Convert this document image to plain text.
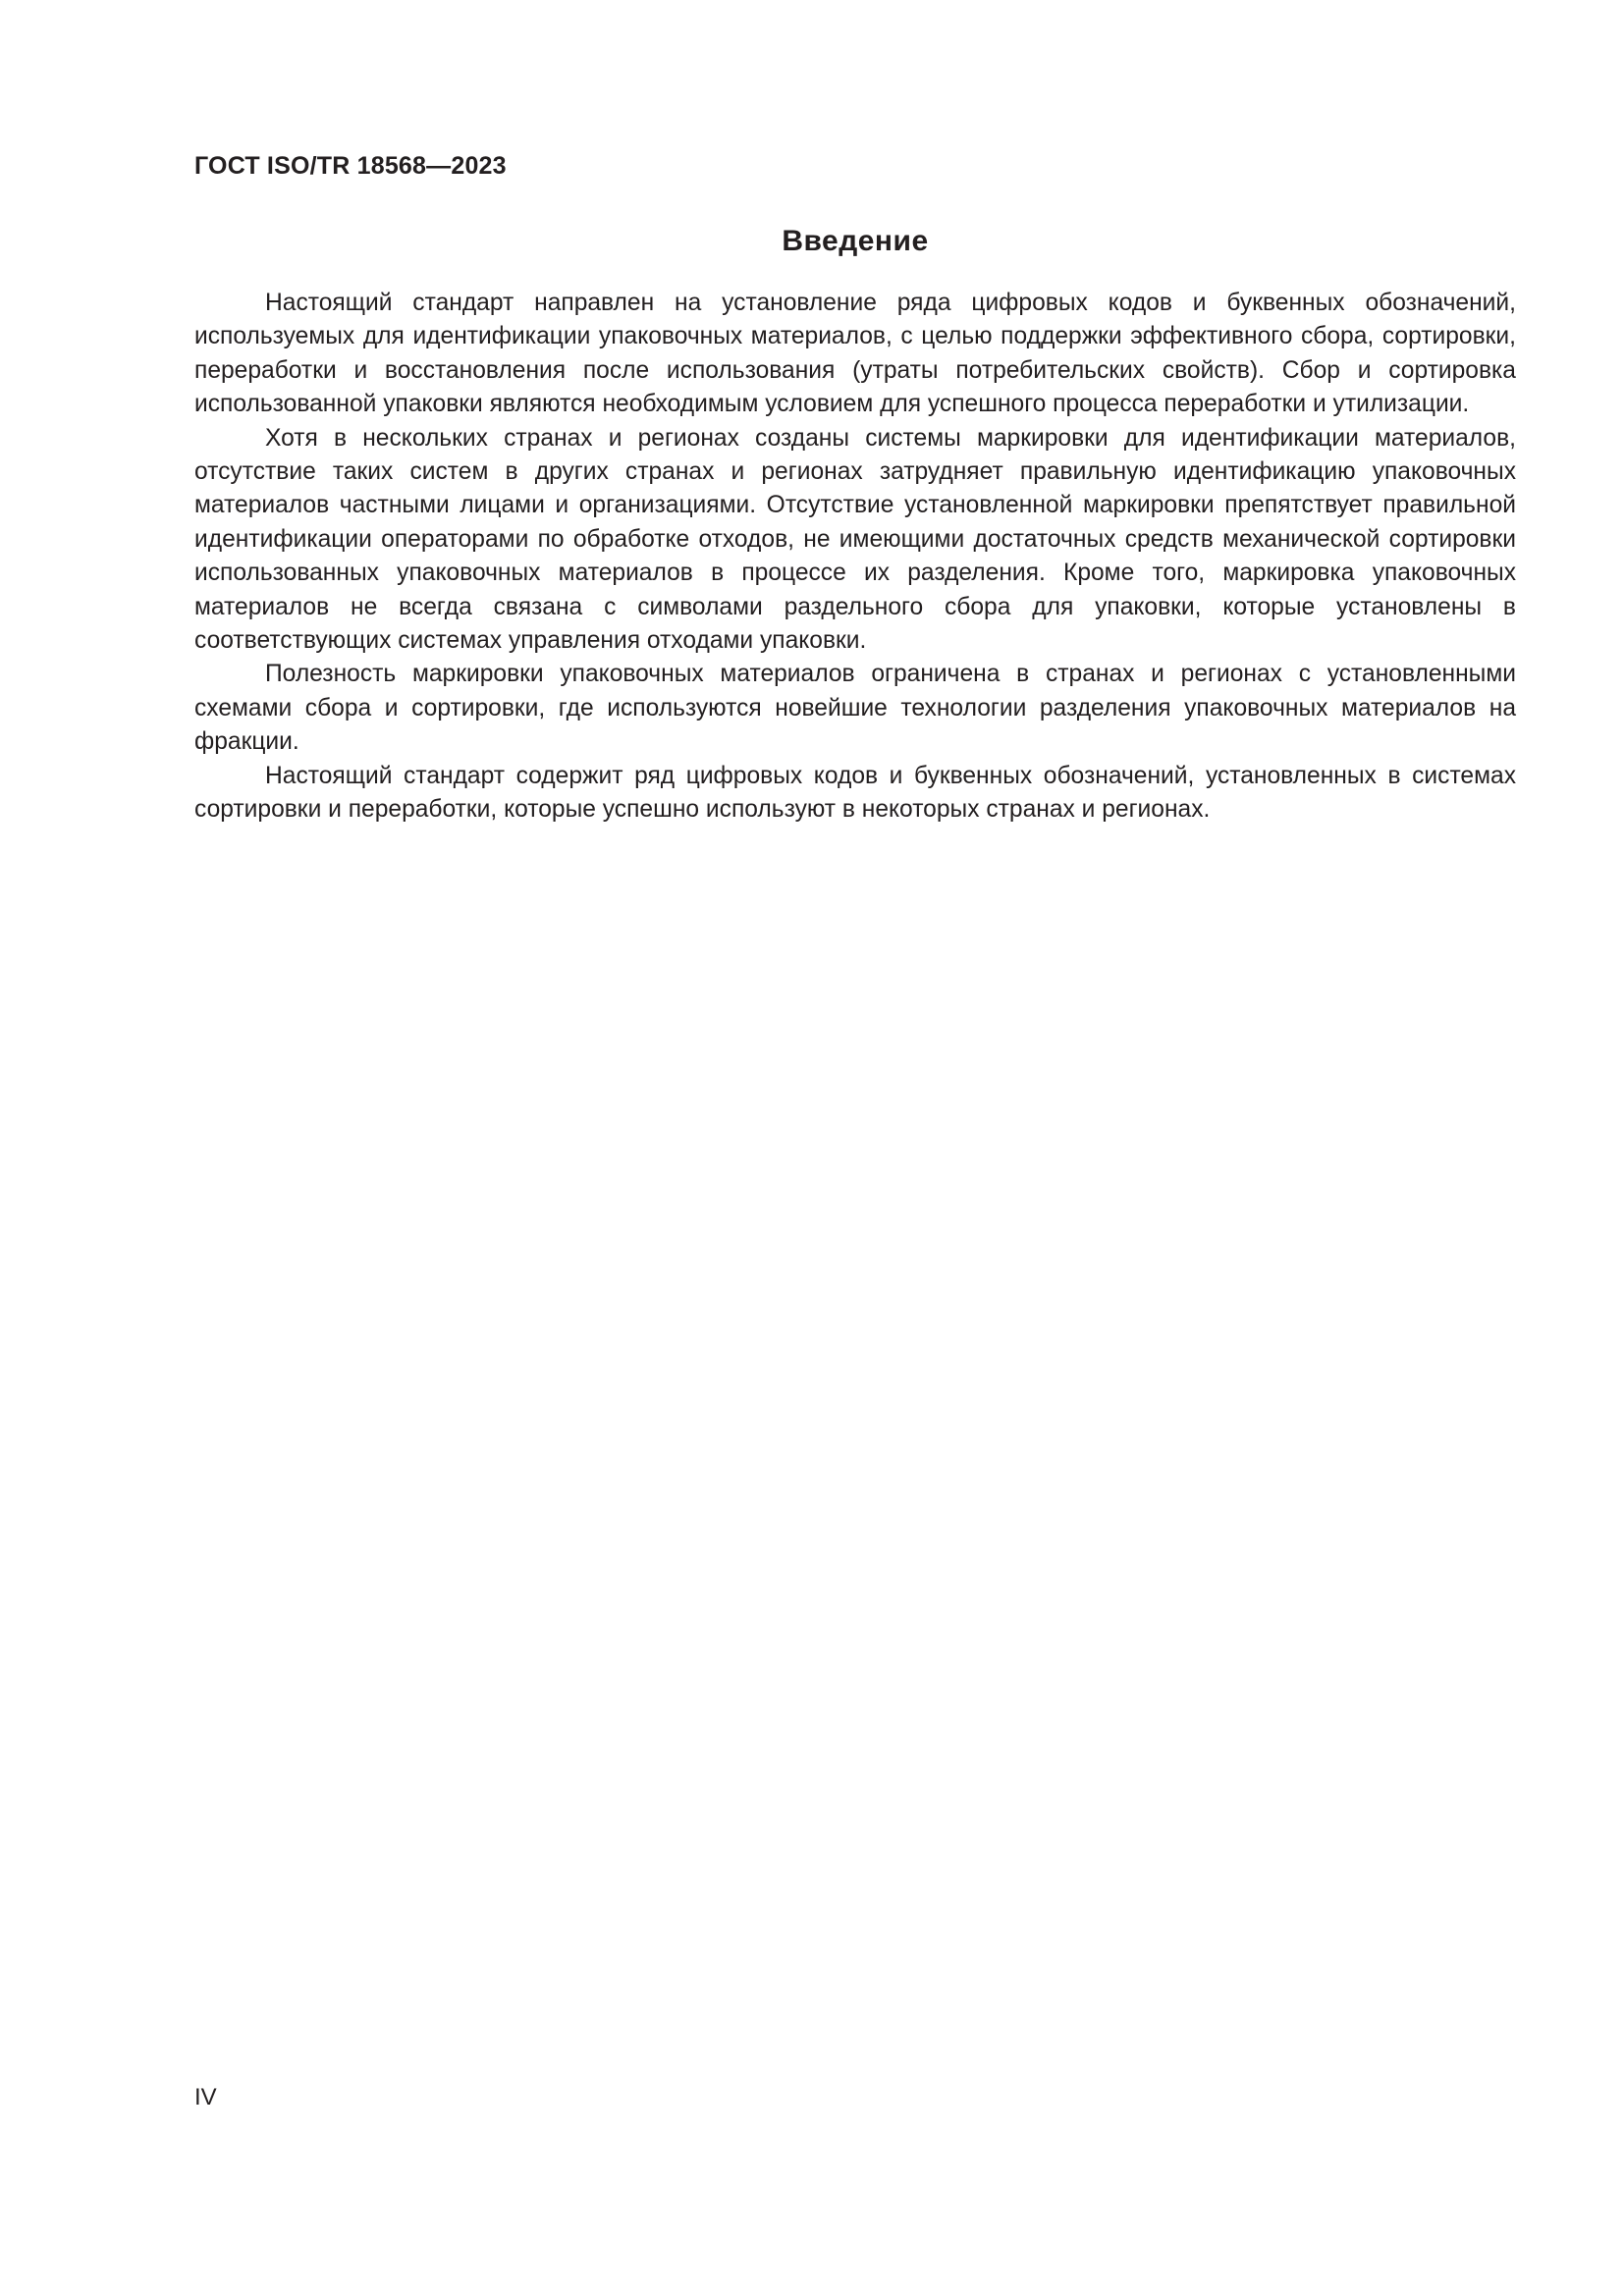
ГОСТ ISO/TR 18568—2023
Введение

Настоящий стандарт направлен на установление ряда цифровых кодов и буквенных обозначений, используемых для идентификации упаковочных материалов, с целью поддержки эффективного сбора, сортировки, переработки и восстановления после использования (утраты потребительских свойств). Сбор и сортировка использованной упаковки являются необходимым условием для успешного процесса переработки и утилизации.

Хотя в нескольких странах и регионах созданы системы маркировки для идентификации материалов, отсутствие таких систем в других странах и регионах затрудняет правильную идентификацию упаковочных материалов частными лицами и организациями. Отсутствие установленной маркировки препятствует правильной идентификации операторами по обработке отходов, не имеющими достаточных средств механической сортировки использованных упаковочных материалов в процессе их разделения. Кроме того, маркировка упаковочных материалов не всегда связана с символами раздельного сбора для упаковки, которые установлены в соответствующих системах управления отходами упаковки.

Полезность маркировки упаковочных материалов ограничена в странах и регионах с установленными схемами сбора и сортировки, где используются новейшие технологии разделения упаковочных материалов на фракции.

Настоящий стандарт содержит ряд цифровых кодов и буквенных обозначений, установленных в системах сортировки и переработки, которые успешно используют в некоторых странах и регионах.

IV
